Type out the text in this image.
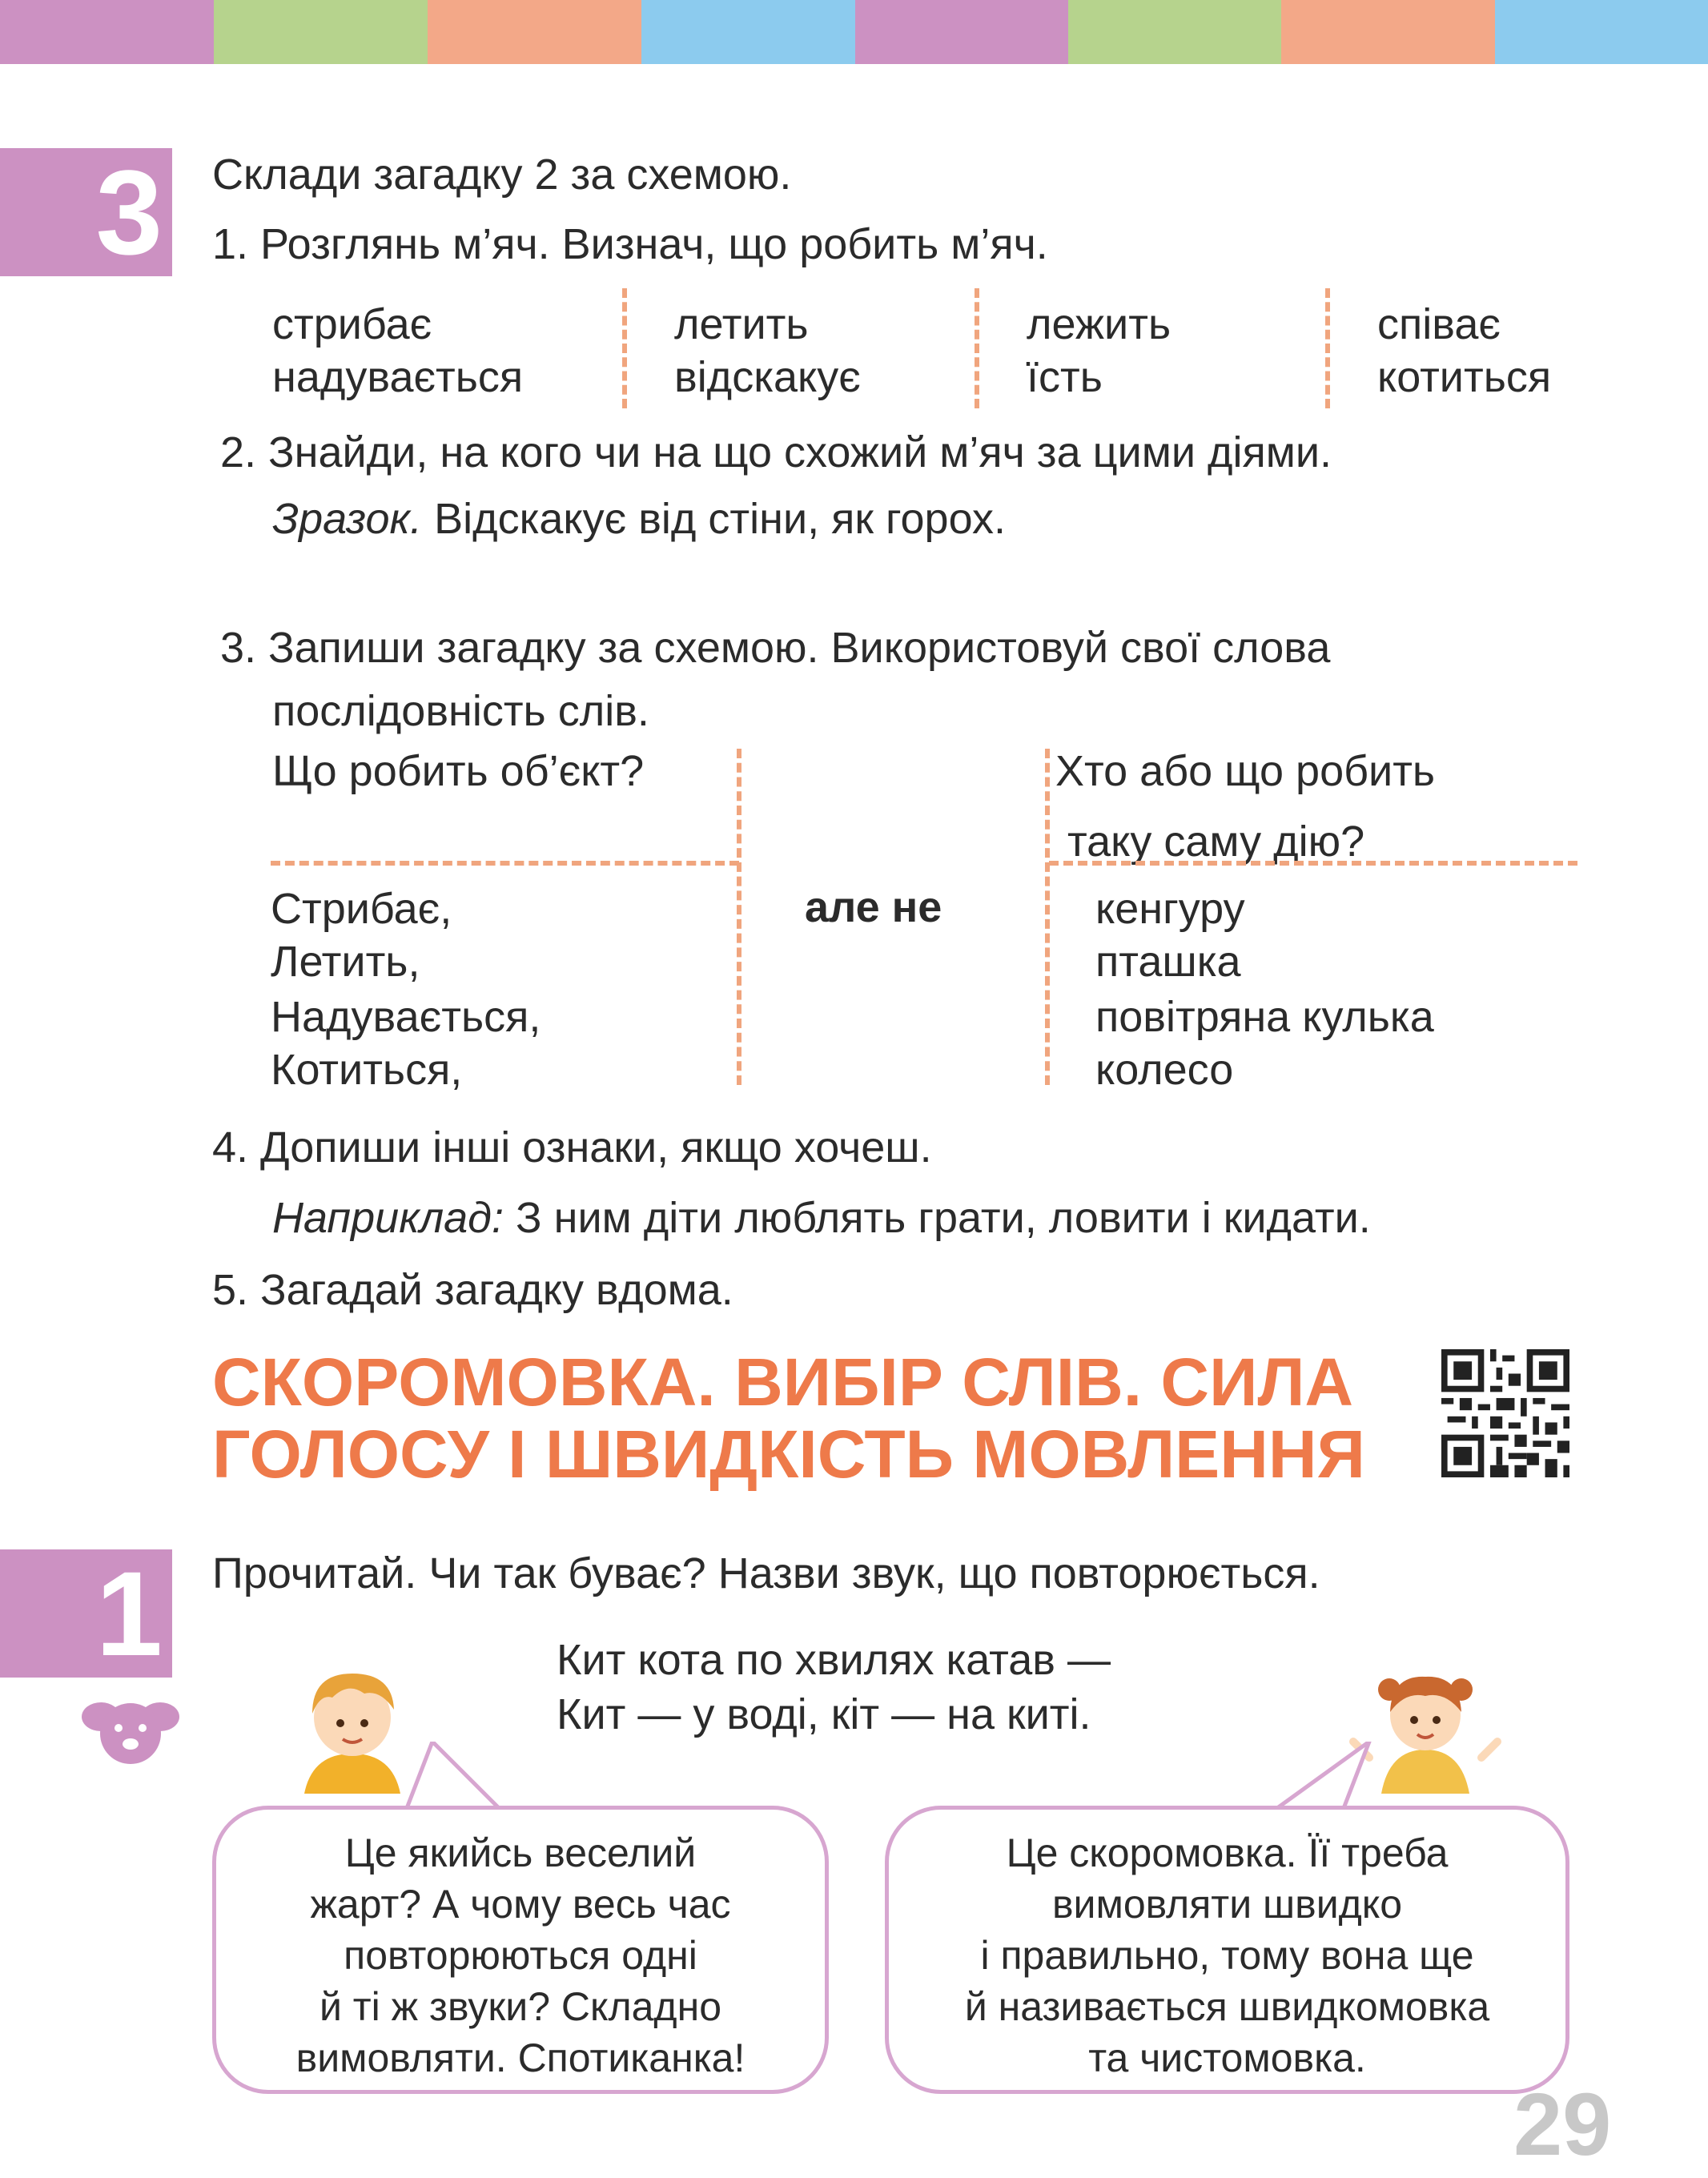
3 Склади загадку 2 за схемою.
1. Розглянь м’яч. Визнач, що робить м’яч.
стрибає
надувається
летить
відскакує
лежить
їсть
співає
котиться
2. Знайди, на кого чи на що схожий м’яч за цими діями.
Зразок. Відскакує від стіни, як горох.
3. Запиши загадку за схемою. Використовуй свої слова
послідовність слів.
Що робить об’єкт?	Хто або що робить
таку саму дію?
але не
Стрибає,
Летить,
Надувається,
Котиться,
кенгуру
пташка
повітряна кулька
колесо
4. Допиши інші ознаки, якщо хочеш.
Наприклад: З ним діти люблять грати, ловити і кидати.
5. Загадай загадку вдома.
СКОРОМОВКА. ВИБІР СЛІВ. СИЛА
ГОЛОСУ І ШВИДКІСТЬ МОВЛЕННЯ
1 Прочитай. Чи так буває? Назви звук, що повторюється.
Кит кота по хвилях катав —
Кит — у воді, кіт — на киті.
Це якийсь веселий
жарт? А чому весь час
повторюються одні
й ті ж звуки? Складно
вимовляти. Спотиканка!
Це скоромовка. Її треба
вимовляти швидко
і правильно, тому вона ще
й називається швидкомовка
та чистомовка.
29
